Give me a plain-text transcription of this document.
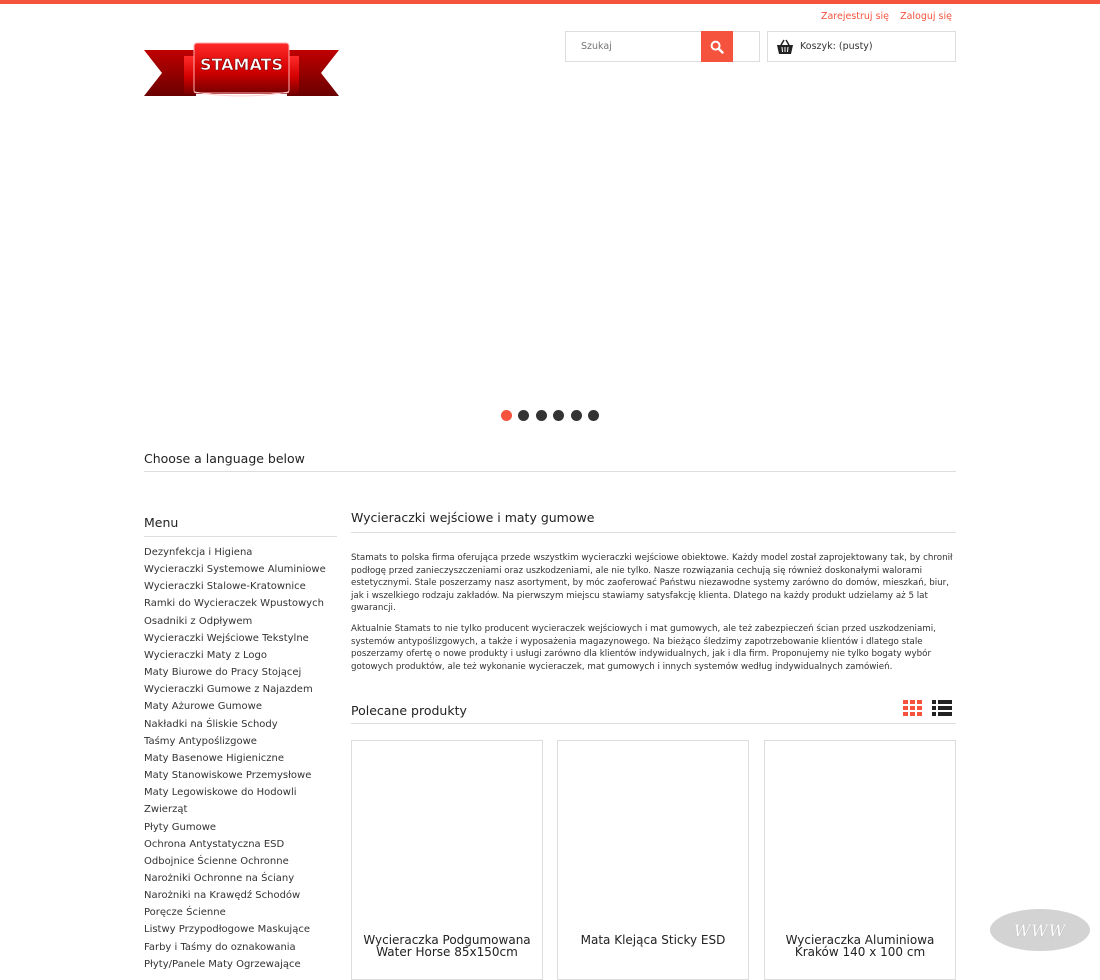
Zarejestruj się Zaloguj się
STAMATS
Szukaj
Koszyk:
(pusty)
Choose a language below
Menu
Dezynfekcja i Higiena
Wycieraczki Systemowe Aluminiowe
Wycieraczki Stalowe-Kratownice
Ramki do Wycieraczek Wpustowych
Osadniki z Odpływem
Wycieraczki Wejściowe Tekstylne
Wycieraczki Maty z Logo
Maty Biurowe do Pracy Stojącej
Wycieraczki Gumowe z Najazdem
Maty Ażurowe Gumowe
Nakładki na Śliskie Schody
Taśmy Antypoślizgowe
Maty Basenowe Higieniczne
Maty Stanowiskowe Przemysłowe
Maty Legowiskowe do Hodowli
Zwierząt
Płyty Gumowe
Ochrona Antystatyczna ESD
Odbojnice Ścienne Ochronne
Narożniki Ochronne na Ściany
Narożniki na Krawędź Schodów
Poręcze Ścienne
Listwy Przypodłogowe Maskujące
Farby i Taśmy do oznakowania
Płyty/Panele Maty Ogrzewające
Wycieraczki wejściowe i maty gumowe

Stamats to polska firma oferująca przede wszystkim wycieraczki wejściowe obiektowe. Każdy model został zaprojektowany tak, by chronił podłogę przed zanieczyszczeniami oraz uszkodzeniami, ale nie tylko. Nasze rozwiązania cechują się również doskonałymi walorami estetycznymi. Stale poszerzamy nasz asortyment, by móc zaoferować Państwu niezawodne systemy zarówno do domów, mieszkań, biur, jak i wszelkiego rodzaju zakładów. Na pierwszym miejscu stawiamy satysfakcję klienta. Dlatego na każdy produkt udzielamy aż 5 lat gwarancji.

Aktualnie Stamats to nie tylko producent wycieraczek wejściowych i mat gumowych, ale też zabezpieczeń ścian przed uszkodzeniami, systemów antypoślizgowych, a także i wyposażenia magazynowego. Na bieżąco śledzimy zapotrzebowanie klientów i dlatego stale poszerzamy ofertę o nowe produkty i usługi zarówno dla klientów indywidualnych, jak i dla firm. Proponujemy nie tylko bogaty wybór gotowych produktów, ale też wykonanie wycieraczek, mat gumowych i innych systemów według indywidualnych zamówień.

Polecane produkty
Wycieraczka Podgumowana Water Horse 85x150cm
Mata Klejąca Sticky ESD	Wycieraczka Aluminiowa Kraków 140 x 100 cm
WWW
